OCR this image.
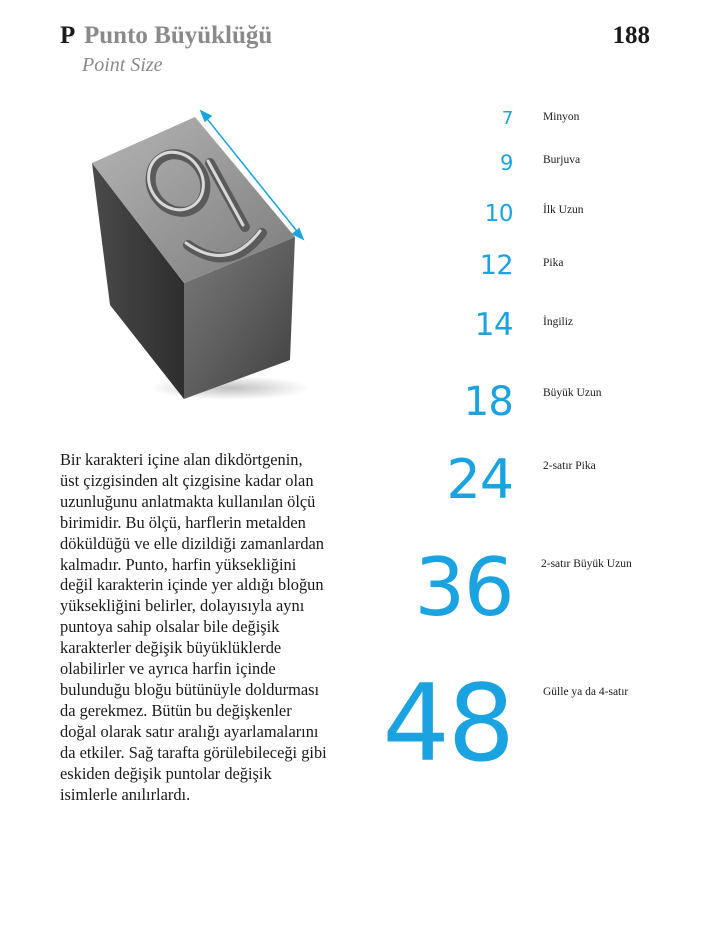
P Punto Büyüklüğü
Point Size
188
Bir karakteri içine alan dikdörtgenin,
üst çizgisinden alt çizgisine kadar olan
uzunluğunu anlatmakta kullanılan ölçü
birimidir. Bu ölçü, harflerin metalden
döküldüğü ve elle dizildiği zamanlardan
kalmadır. Punto, harfin yüksekliğini
değil karakterin içinde yer aldığı bloğun
yüksekliğini belirler, dolayısıyla aynı
puntoya sahip olsalar bile değişik
karakterler değişik büyüklüklerde
olabilirler ve ayrıca harfin içinde
bulunduğu bloğu bütünüyle doldurması
da gerekmez. Bütün bu değişkenler
doğal olarak satır aralığı ayarlamalarını
da etkiler. Sağ tarafta görülebileceği gibi
eskiden değişik puntolar değişik
isimlerle anılırlardı.
7	Minyon
9	Burjuva
10	İlk Uzun
12	Pika
14	İngiliz
18	Büyük Uzun
24	2-satır Pika
36 2-satır Büyük Uzun
48	Gülle ya da 4-satır
